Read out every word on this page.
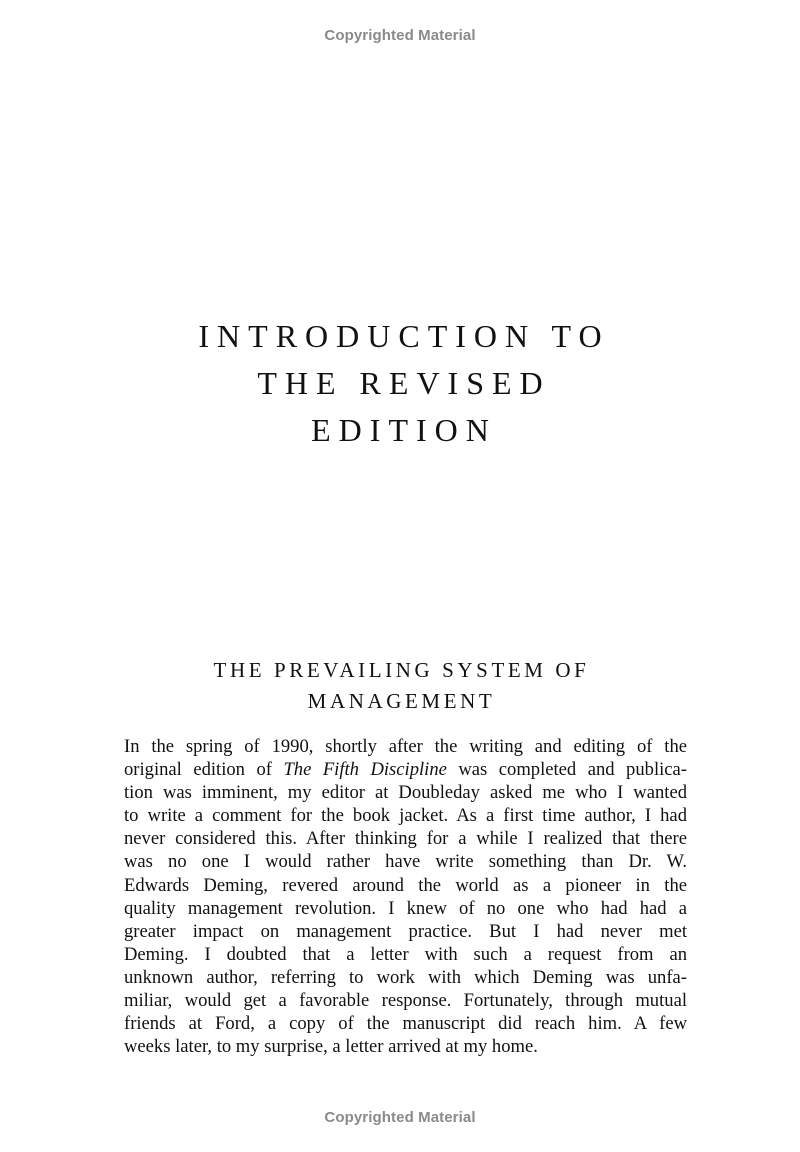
Copyrighted Material
INTRODUCTION TO
THE REVISED
EDITION
THE PREVAILING SYSTEM OF
MANAGEMENT

In the spring of 1990, shortly after the writing and editing of the
original edition of The Fifth Discipline was completed and publica-
tion was imminent, my editor at Doubleday asked me who I wanted
to write a comment for the book jacket. As a first time author, I had
never considered this. After thinking for a while I realized that there
was no one I would rather have write something than Dr. W.
Edwards Deming, revered around the world as a pioneer in the
quality management revolution. I knew of no one who had had a
greater impact on management practice. But I had never met
Deming. I doubted that a letter with such a request from an
unknown author, referring to work with which Deming was unfa-
miliar, would get a favorable response. Fortunately, through mutual
friends at Ford, a copy of the manuscript did reach him. A few
weeks later, to my surprise, a letter arrived at my home.

Copyrighted Material
